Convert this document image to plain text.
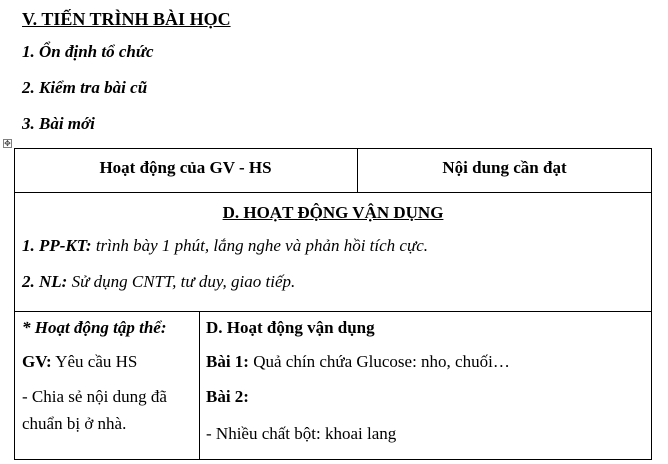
V. TIẾN TRÌNH BÀI HỌC
1. Ổn định tổ chức
2. Kiểm tra bài cũ
3. Bài mới
✥
Hoạt động của GV - HS	Nội dung cần đạt
D. HOẠT ĐỘNG VẬN DỤNG
1. PP-KT: trình bày 1 phút, lắng nghe và phản hồi tích cực.
2. NL: Sử dụng CNTT, tư duy, giao tiếp.
* Hoạt động tập thể:
GV: Yêu cầu HS
- Chia sẻ nội dung đã
chuẩn bị ở nhà.
D. Hoạt động vận dụng
Bài 1: Quả chín chứa Glucose: nho, chuối…
Bài 2:
- Nhiều chất bột: khoai lang
